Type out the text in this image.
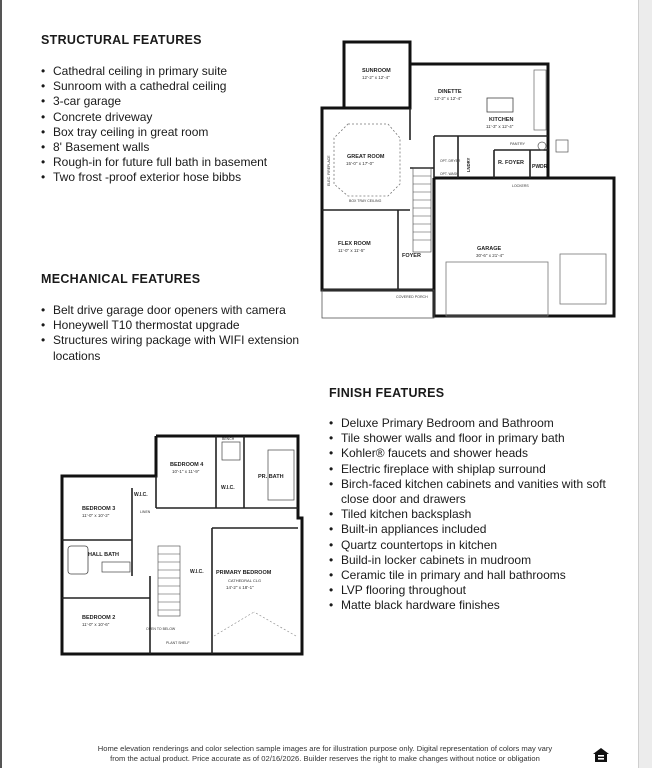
STRUCTURAL FEATURES
• Cathedral ceiling in primary suite
• Sunroom with a cathedral ceiling
• 3-car garage
• Concrete driveway
• Box tray ceiling in great room
• 8' Basement walls
• Rough-in for future full bath in basement
• Two frost -proof exterior hose bibbs
MECHANICAL FEATURES
• Belt drive garage door openers with camera
• Honeywell T10 thermostat upgrade
• Structures wiring package with WIFI extension locations
FINISH FEATURES
• Deluxe Primary Bedroom and Bathroom
• Tile shower walls and floor in primary bath
• Kohler® faucets and shower heads
• Electric fireplace with shiplap surround
• Birch-faced kitchen cabinets and vanities with soft close door and drawers
• Tiled kitchen backsplash
• Built-in appliances included
• Quartz countertops in kitchen
• Build-in locker cabinets in mudroom
• Ceramic tile in primary and hall bathrooms
• LVP flooring throughout
• Matte black hardware finishes
SUNROOM
12'-2" x 12'-4"
DINETTE
12'-2" x 12'-4"
KITCHEN
11'-3" x 12'-4"
PANTRY
GREAT ROOM
15'-0" x 17'-0"
ELEC. FIREPLACE
BOX TRAY CEILING
LNDRY
OPT. DRYER
OPT. WASH
R. FOYER
PWDR
LOCKERS
FLEX ROOM
11'-0" x 11'-5"
FOYER
GARAGE
30'-6" x 21'-4"
COVERED PORCH
BEDROOM 4
10'-1" x 11'-9"
BENCH
W.I.C.
W.I.C.
W.I.C.
PR. BATH
BEDROOM 3
11'-0" x 10'-2"
LINEN
HALL BATH
PRIMARY BEDROOM
CATHEDRAL CLG
14'-2" x 18'-1"
BEDROOM 2
11'-0" x 10'-6"
OPEN TO BELOW
PLANT SHELF
Home elevation renderings and color selection sample images are for illustration purpose only. Digital representation of colors may vary
from the actual product. Price accurate as of 02/16/2026. Builder reserves the right to make changes without notice or obligation
